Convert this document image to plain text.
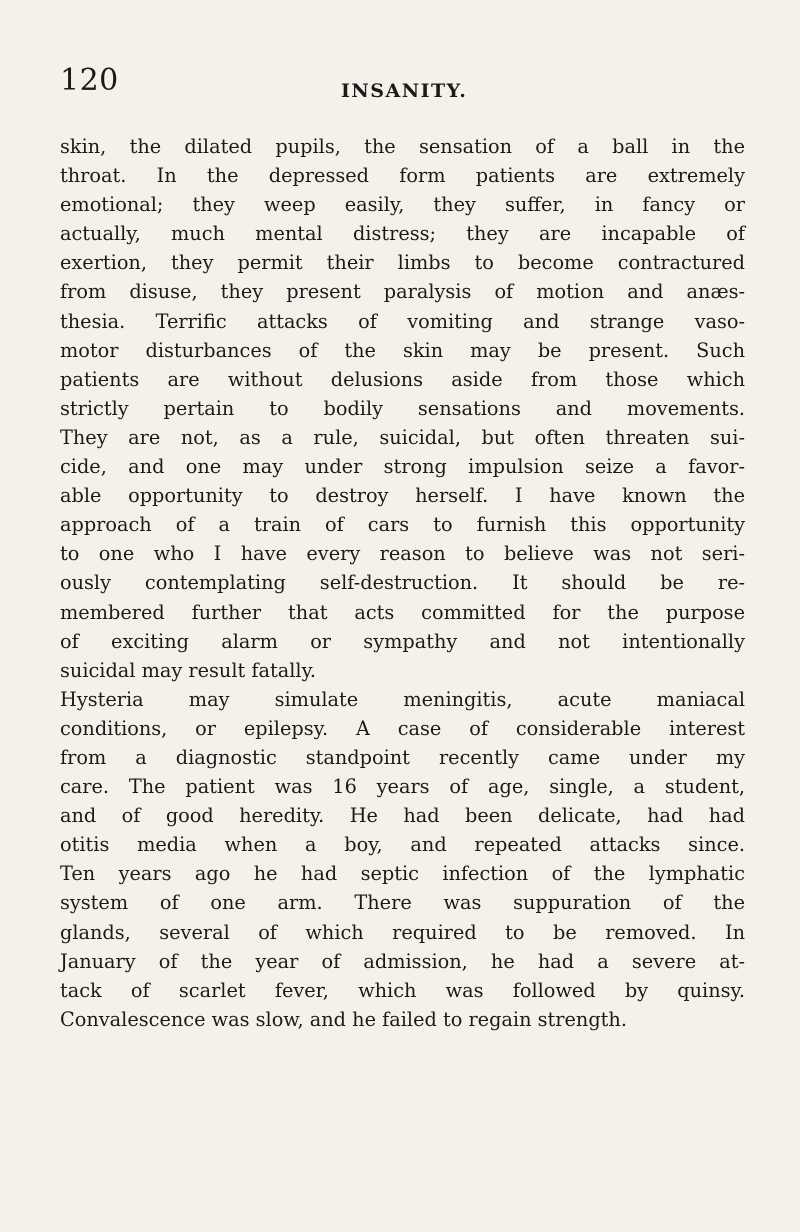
120	INSANITY.
skin, the dilated pupils, the sensation of a ball in the
throat. In the depressed form patients are extremely
emotional; they weep easily, they suffer, in fancy or
actually, much mental distress; they are incapable of
exertion, they permit their limbs to become contractured
from disuse, they present paralysis of motion and anæs-
thesia. Terrific attacks of vomiting and strange vaso-
motor disturbances of the skin may be present. Such
patients are without delusions aside from those which
strictly pertain to bodily sensations and movements.
They are not, as a rule, suicidal, but often threaten sui-
cide, and one may under strong impulsion seize a favor-
able opportunity to destroy herself. I have known the
approach of a train of cars to furnish this opportunity
to one who I have every reason to believe was not seri-
ously contemplating self-destruction. It should be re-
membered further that acts committed for the purpose
of exciting alarm or sympathy and not intentionally
suicidal may result fatally.
Hysteria may simulate meningitis, acute maniacal
conditions, or epilepsy. A case of considerable interest
from a diagnostic standpoint recently came under my
care. The patient was 16 years of age, single, a student,
and of good heredity. He had been delicate, had had
otitis media when a boy, and repeated attacks since.
Ten years ago he had septic infection of the lymphatic
system of one arm. There was suppuration of the
glands, several of which required to be removed. In
January of the year of admission, he had a severe at-
tack of scarlet fever, which was followed by quinsy.
Convalescence was slow, and he failed to regain strength.
